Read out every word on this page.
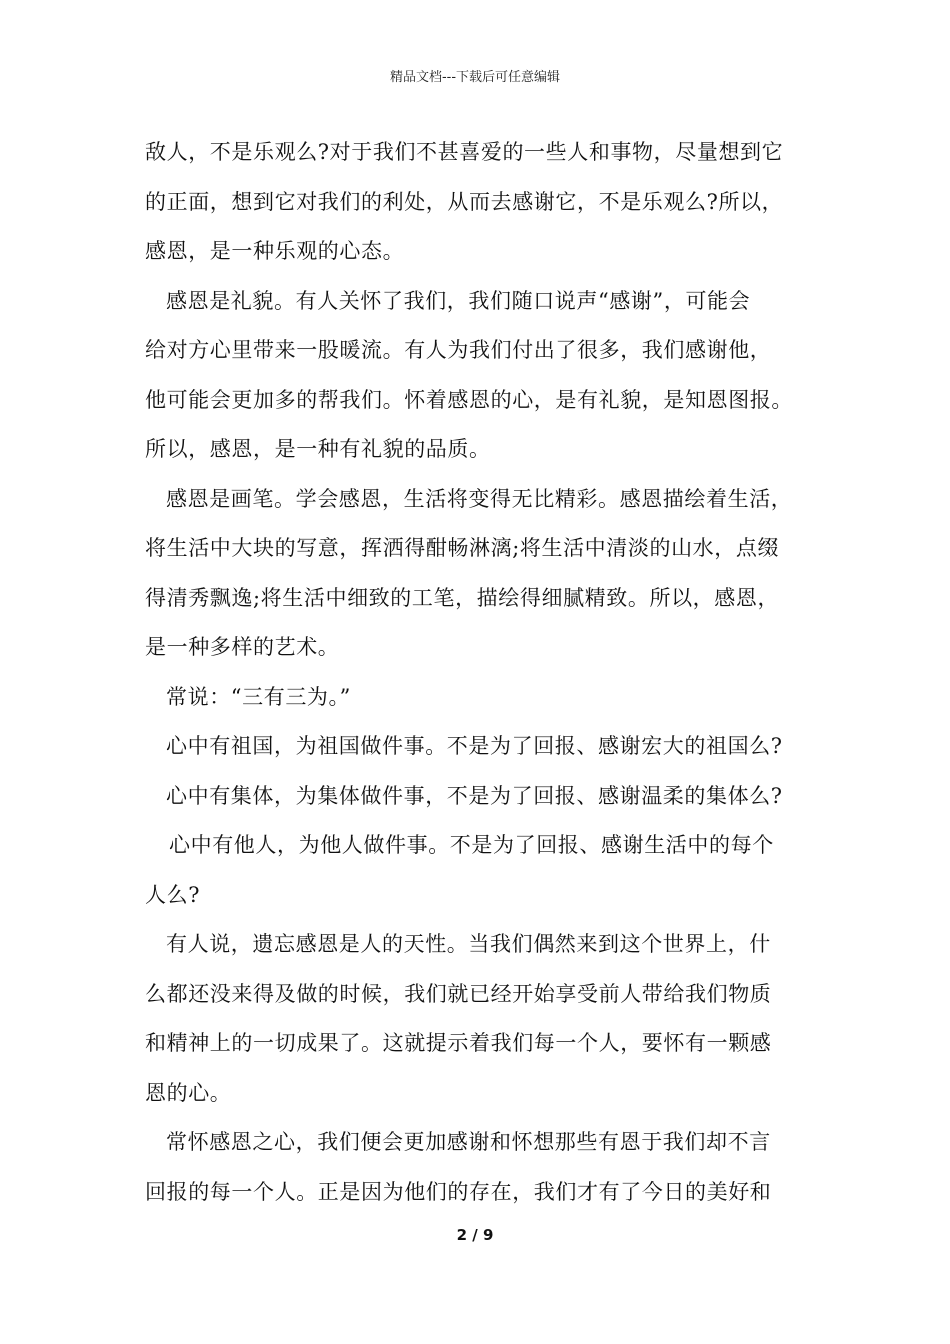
精品文档---下载后可任意编辑
敌人，不是乐观么?对于我们不甚喜爱的一些人和事物，尽量想到它
的正面，想到它对我们的利处，从而去感谢它，不是乐观么?所以，
感恩，是一种乐观的心态。
感恩是礼貌。有人关怀了我们，我们随口说声“感谢”，可能会
给对方心里带来一股暖流。有人为我们付出了很多，我们感谢他，
他可能会更加多的帮我们。怀着感恩的心，是有礼貌，是知恩图报。
所以，感恩，是一种有礼貌的品质。
感恩是画笔。学会感恩，生活将变得无比精彩。感恩描绘着生活，
将生活中大块的写意，挥洒得酣畅淋漓;将生活中清淡的山水，点缀
得清秀飘逸;将生活中细致的工笔，描绘得细腻精致。所以，感恩，
是一种多样的艺术。
常说：“三有三为。”
心中有祖国，为祖国做件事。不是为了回报、感谢宏大的祖国么?
心中有集体，为集体做件事，不是为了回报、感谢温柔的集体么?
心中有他人，为他人做件事。不是为了回报、感谢生活中的每个
人么?
有人说，遗忘感恩是人的天性。当我们偶然来到这个世界上，什
么都还没来得及做的时候，我们就已经开始享受前人带给我们物质
和精神上的一切成果了。这就提示着我们每一个人，要怀有一颗感
恩的心。
常怀感恩之心，我们便会更加感谢和怀想那些有恩于我们却不言
回报的每一个人。正是因为他们的存在，我们才有了今日的美好和
2 / 9
